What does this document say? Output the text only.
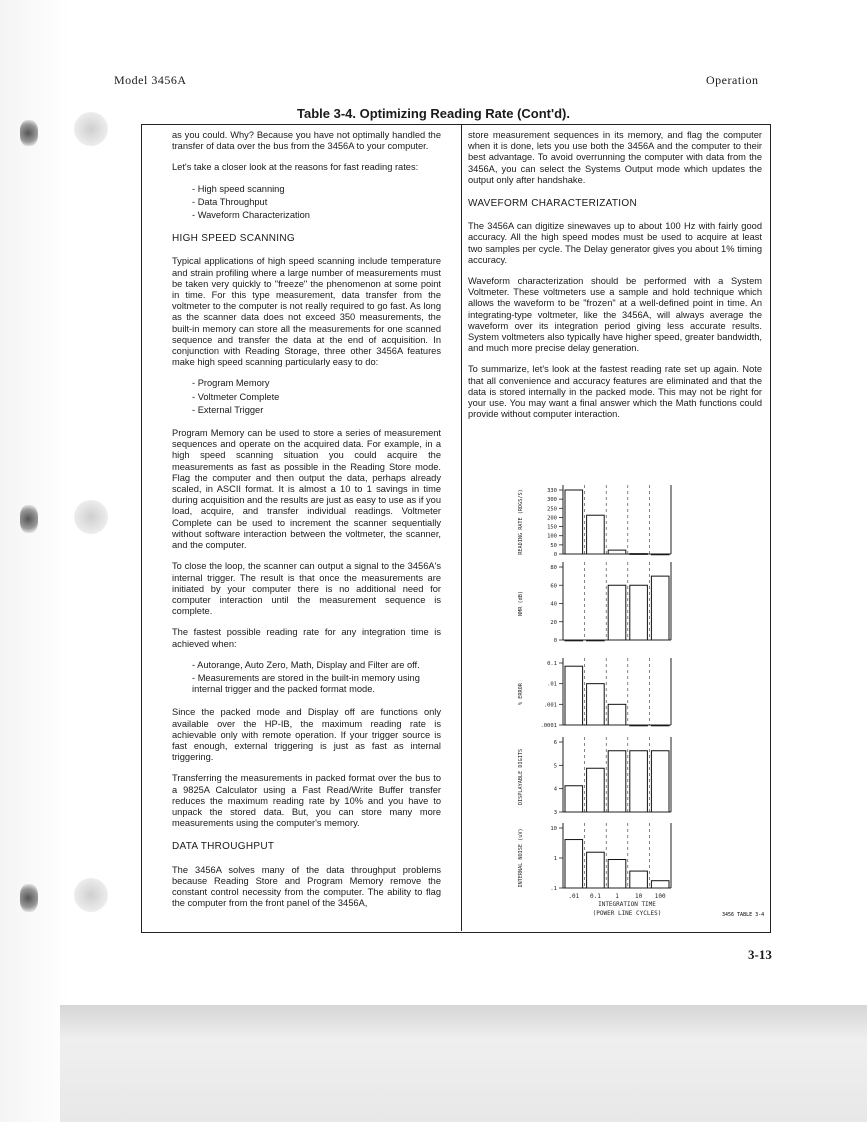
Model 3456A	Operation
Table 3-4. Optimizing Reading Rate (Cont'd).

as you could. Why? Because you have not optimally handled the transfer of data over the bus from the 3456A to your computer.

Let's take a closer look at the reasons for fast reading rates:

- High speed scanning
- Data Throughput
- Waveform Characterization
HIGH SPEED SCANNING

Typical applications of high speed scanning include temperature and strain profiling where a large number of measurements must be taken very quickly to "freeze" the phenomenon at some point in time. For this type measurement, data transfer from the voltmeter to the computer is not really required to go fast. As long as the scanner data does not exceed 350 measurements, the built-in memory can store all the measurements for one scanned sequence and transfer the data at the end of acquisition. In conjunction with Reading Storage, three other 3456A features make high speed scanning particularly easy to do:

- Program Memory
- Voltmeter Complete
- External Trigger

Program Memory can be used to store a series of measurement sequences and operate on the acquired data. For example, in a high speed scanning situation you could acquire the measurements as fast as possible in the Reading Store mode. Flag the computer and then output the data, perhaps already scaled, in ASCII format. It is almost a 10 to 1 savings in time during acquisition and the results are just as easy to use as if you load, acquire, and transfer individual readings. Voltmeter Complete can be used to increment the scanner sequentially without software interaction between the voltmeter, the scanner, and the computer.

To close the loop, the scanner can output a signal to the 3456A's internal trigger. The result is that once the measurements are initiated by your computer there is no additional need for computer interaction until the measurement sequence is complete.

The fastest possible reading rate for any integration time is achieved when:

- Autorange, Auto Zero, Math, Display and Filter are off.
- Measurements are stored in the built-in memory using internal trigger and the packed format mode.

Since the packed mode and Display off are functions only available over the HP-IB, the maximum reading rate is achievable only with remote operation. If your trigger source is fast enough, external triggering is just as fast as internal triggering.

Transferring the measurements in packed format over the bus to a 9825A Calculator using a Fast Read/Write Buffer transfer reduces the maximum reading rate by 10% and you have to unpack the stored data. But, you can store many more measurements using the computer's memory.

DATA THROUGHPUT

The 3456A solves many of the data throughput problems because Reading Store and Program Memory remove the constant control necessity from the computer. The ability to flag the computer from the front panel of the 3456A,

store measurement sequences in its memory, and flag the computer when it is done, lets you use both the 3456A and the computer to their best advantage. To avoid overrunning the computer with data from the 3456A, you can select the Systems Output mode which updates the output only after handshake.

WAVEFORM CHARACTERIZATION

The 3456A can digitize sinewaves up to about 100 Hz with fairly good accuracy. All the high speed modes must be used to acquire at least two samples per cycle. The Delay generator gives you about 1% timing accuracy.

Waveform characterization should be performed with a System Voltmeter. These voltmeters use a sample and hold technique which allows the waveform to be "frozen" at a well-defined point in time. An integrating-type voltmeter, like the 3456A, will always average the waveform over its integration period giving less accurate results. System voltmeters also typically have higher speed, greater bandwidth, and much more precise delay generation.

To summarize, let's look at the fastest reading rate set up again. Note that all convenience and accuracy features are eliminated and that the data is stored internally in the packed mode. This may not be right for your use. You may want a final answer which the Math functions could provide without computer interaction.

3456 TABLE 3-4
READING RATE (RDGS/S)	330
300
250
200
150
100
50
0
NMR (dB)
80
60
40
20
0
% ERROR
0.1
.01
.001
.0001
DISPLAYABLE DIGITS
6
5
4
3
INTERNAL NOISE (uV)	10
1
.1
.01 0.1 1	10 100
INTEGRATION TIME
(POWER LINE CYCLES)
3-13
